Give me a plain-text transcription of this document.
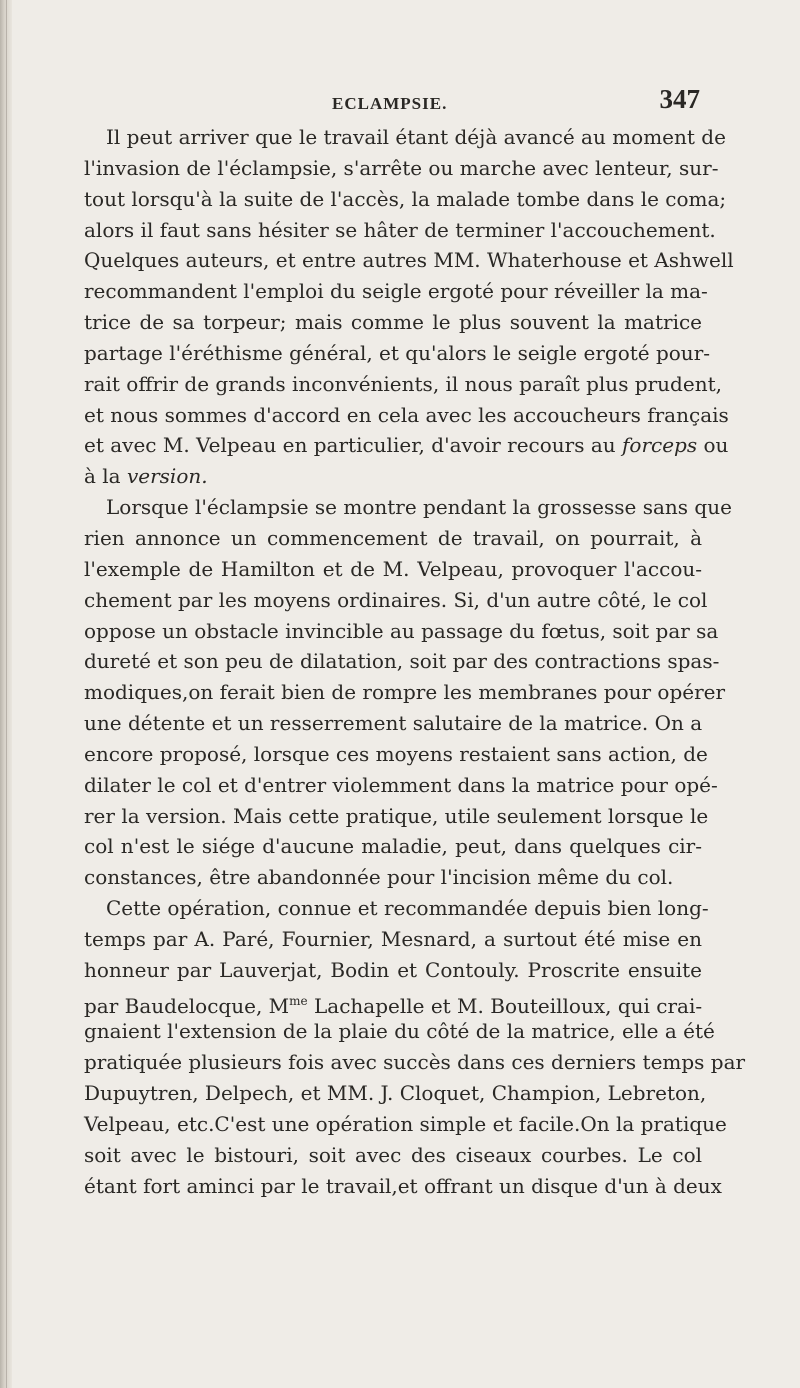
ECLAMPSIE.	347
Il peut arriver que le travail étant déjà avancé au moment de
l'invasion de l'éclampsie, s'arrête ou marche avec lenteur, sur-
tout lorsqu'à la suite de l'accès, la malade tombe dans le coma;
alors il faut sans hésiter se hâter de terminer l'accouchement.
Quelques auteurs, et entre autres MM. Whaterhouse et Ashwell
recommandent l'emploi du seigle ergoté pour réveiller la ma-
trice de sa torpeur; mais comme le plus souvent la matrice
partage l'éréthisme général, et qu'alors le seigle ergoté pour-
rait offrir de grands inconvénients, il nous paraît plus prudent,
et nous sommes d'accord en cela avec les accoucheurs français
et avec M. Velpeau en particulier, d'avoir recours au forceps ou
à la version.
Lorsque l'éclampsie se montre pendant la grossesse sans que
rien annonce un commencement de travail, on pourrait, à
l'exemple de Hamilton et de M. Velpeau, provoquer l'accou-
chement par les moyens ordinaires. Si, d'un autre côté, le col
oppose un obstacle invincible au passage du fœtus, soit par sa
dureté et son peu de dilatation, soit par des contractions spas-
modiques,on ferait bien de rompre les membranes pour opérer
une détente et un resserrement salutaire de la matrice. On a
encore proposé, lorsque ces moyens restaient sans action, de
dilater le col et d'entrer violemment dans la matrice pour opé-
rer la version. Mais cette pratique, utile seulement lorsque le
col n'est le siége d'aucune maladie, peut, dans quelques cir-
constances, être abandonnée pour l'incision même du col.
Cette opération, connue et recommandée depuis bien long-
temps par A. Paré, Fournier, Mesnard, a surtout été mise en
honneur par Lauverjat, Bodin et Contouly. Proscrite ensuite
par Baudelocque, $M^{me}$ Lachapelle et M. Bouteilloux, qui crai-
gnaient l'extension de la plaie du côté de la matrice, elle a été
pratiquée plusieurs fois avec succès dans ces derniers temps par
Dupuytren, Delpech, et MM. J. Cloquet, Champion, Lebreton,
Velpeau, etc.C'est une opération simple et facile.On la pratique
soit avec le bistouri, soit avec des ciseaux courbes. Le col
étant fort aminci par le travail,et offrant un disque d'un à deux
